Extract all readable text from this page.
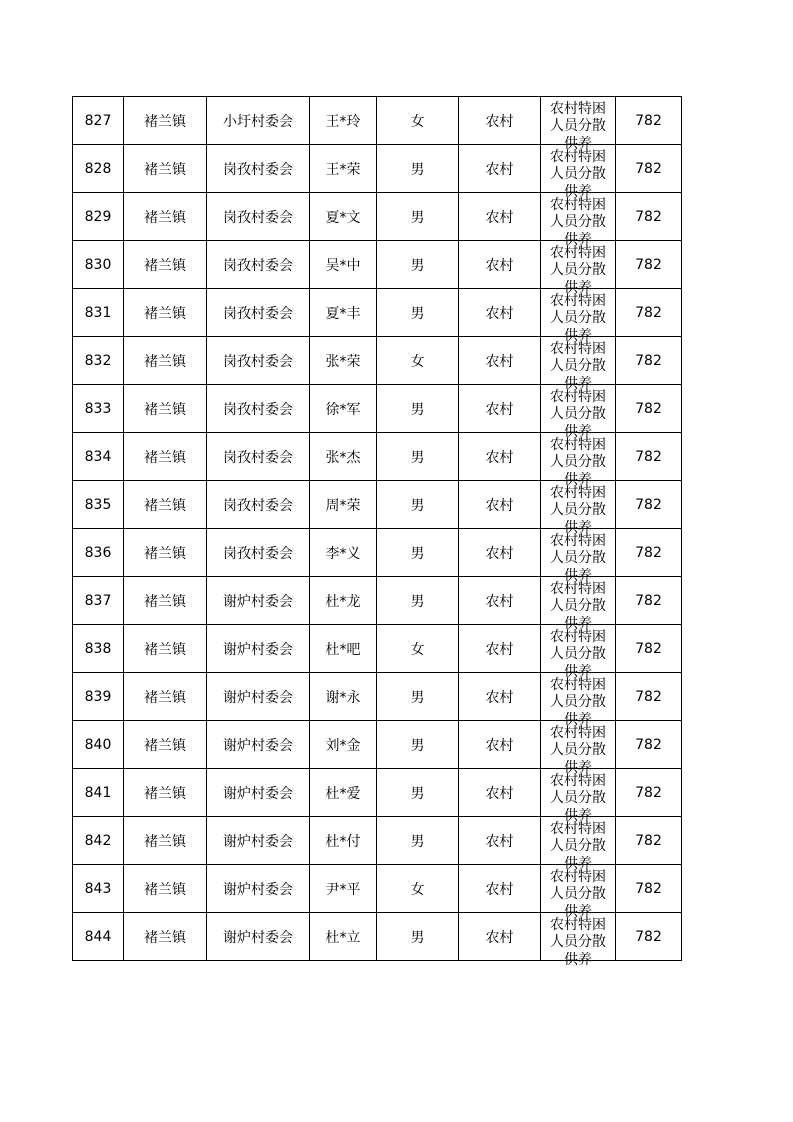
827	褚兰镇	小圩村委会	王*玲	女	农村	农村特困人员分散供养	782
828	褚兰镇	岗孜村委会	王*荣	男	农村	农村特困人员分散供养	782
829	褚兰镇	岗孜村委会	夏*文	男	农村	农村特困人员分散供养	782
830	褚兰镇	岗孜村委会	吴*中	男	农村	农村特困人员分散供养	782
831	褚兰镇	岗孜村委会	夏*丰	男	农村	农村特困人员分散供养	782
832	褚兰镇	岗孜村委会	张*荣	女	农村	农村特困人员分散供养	782
833	褚兰镇	岗孜村委会	徐*军	男	农村	农村特困人员分散供养	782
834	褚兰镇	岗孜村委会	张*杰	男	农村	农村特困人员分散供养	782
835	褚兰镇	岗孜村委会	周*荣	男	农村	农村特困人员分散供养	782
836	褚兰镇	岗孜村委会	李*义	男	农村	农村特困人员分散供养	782
837	褚兰镇	谢炉村委会	杜*龙	男	农村	农村特困人员分散供养	782
838	褚兰镇	谢炉村委会	杜*吧	女	农村	农村特困人员分散供养	782
839	褚兰镇	谢炉村委会	谢*永	男	农村	农村特困人员分散供养	782
840	褚兰镇	谢炉村委会	刘*金	男	农村	农村特困人员分散供养	782
841	褚兰镇	谢炉村委会	杜*爱	男	农村	农村特困人员分散供养	782
842	褚兰镇	谢炉村委会	杜*付	男	农村	农村特困人员分散供养	782
843	褚兰镇	谢炉村委会	尹*平	女	农村	农村特困人员分散供养	782
844	褚兰镇	谢炉村委会	杜*立	男	农村	农村特困人员分散供养	782
